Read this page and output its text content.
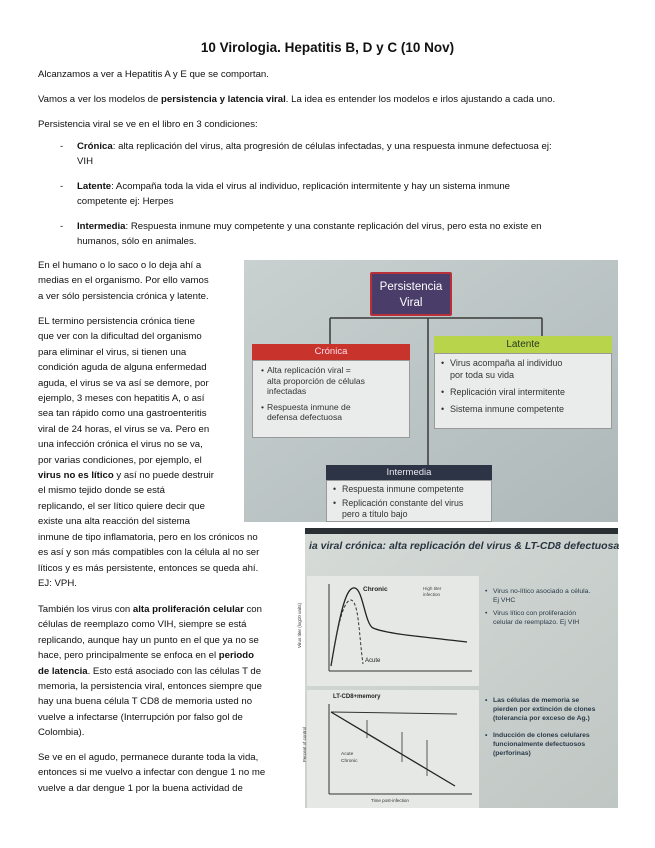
10 Virologia. Hepatitis B, D y C (10 Nov)
Alcanzamos a ver a Hepatitis A y E que se comportan.
Vamos a ver los modelos de persistencia y latencia viral. La idea es entender los modelos e irlos ajustando a cada uno.
Persistencia viral se ve en el libro en 3 condiciones:
- Crónica: alta replicación del virus, alta progresión de células infectadas, y una respuesta inmune defectuosa ej:
VIH
- Latente: Acompaña toda la vida el virus al individuo, replicación intermitente y hay un sistema inmune
competente ej: Herpes
- Intermedia: Respuesta inmune muy competente y una constante replicación del virus, pero esta no existe en
humanos, sólo en animales.
En el humano o lo saco o lo deja ahí a
medias en el organismo. Por ello vamos
a ver sólo persistencia crónica y latente.
EL termino persistencia crónica tiene
que ver con la dificultad del organismo
para eliminar el virus, si tienen una
condición aguda de alguna enfermedad
aguda, el virus se va así se demore, por
ejemplo, 3 meses con hepatitis A, o así
sea tan rápido como una gastroenteritis
viral de 24 horas, el virus se va. Pero en
una infección crónica el virus no se va,
por varias condiciones, por ejemplo, el
virus no es lítico y así no puede destruir
el mismo tejido donde se está
replicando, el ser lítico quiere decir que
existe una alta reacción del sistema
inmune de tipo inflamatoria, pero en los crónicos no
es así y son más compatibles con la célula al no ser
líticos y es más persistente, entonces se queda ahí.
EJ: VPH.
También los virus con alta proliferación celular con
células de reemplazo como VIH, siempre se está
replicando, aunque hay un punto en el que ya no se
hace, pero principalmente se enfoca en el periodo
de latencia. Esto está asociado con las células T de
memoria, la persistencia viral, entonces siempre que
hay una buena célula T CD8 de memoria usted no
vuelve a infectarse (Interrupción por falso gol de
Colombia).
Se ve en el agudo, permanece durante toda la vida,
entonces si me vuelvo a infectar con dengue 1 no me
vuelve a dar dengue 1 por la buena actividad de
Persistencia
Viral
Crónica
• Alta replicación viral =
alta proporción de células
infectadas
• Respuesta inmune de
defensa defectuosa
Latente
• Virus acompaña al individuo
por toda su vida
• Replicación viral intermitente
• Sistema inmune competente
Intermedia
• Respuesta inmune competente
• Replicación constante del virus
pero a título bajo
ia viral crónica: alta replicación del virus & LT-CD8 defectuosa
Chronic
Acute
High titer infection
Virus titer (log10 units)
LT-CD8+memory
Acute
Chronic
Time post-infection
Percent of control
• Virus no-lítico asociado a célula.
Ej VHC
• Virus lítico con proliferación
celular de reemplazo. Ej VIH
• Las células de memoria se
pierden por extinción de clones
(tolerancia por exceso de Ag.)
• Inducción de clones celulares
funcionalmente defectuosos
(perforinas)
